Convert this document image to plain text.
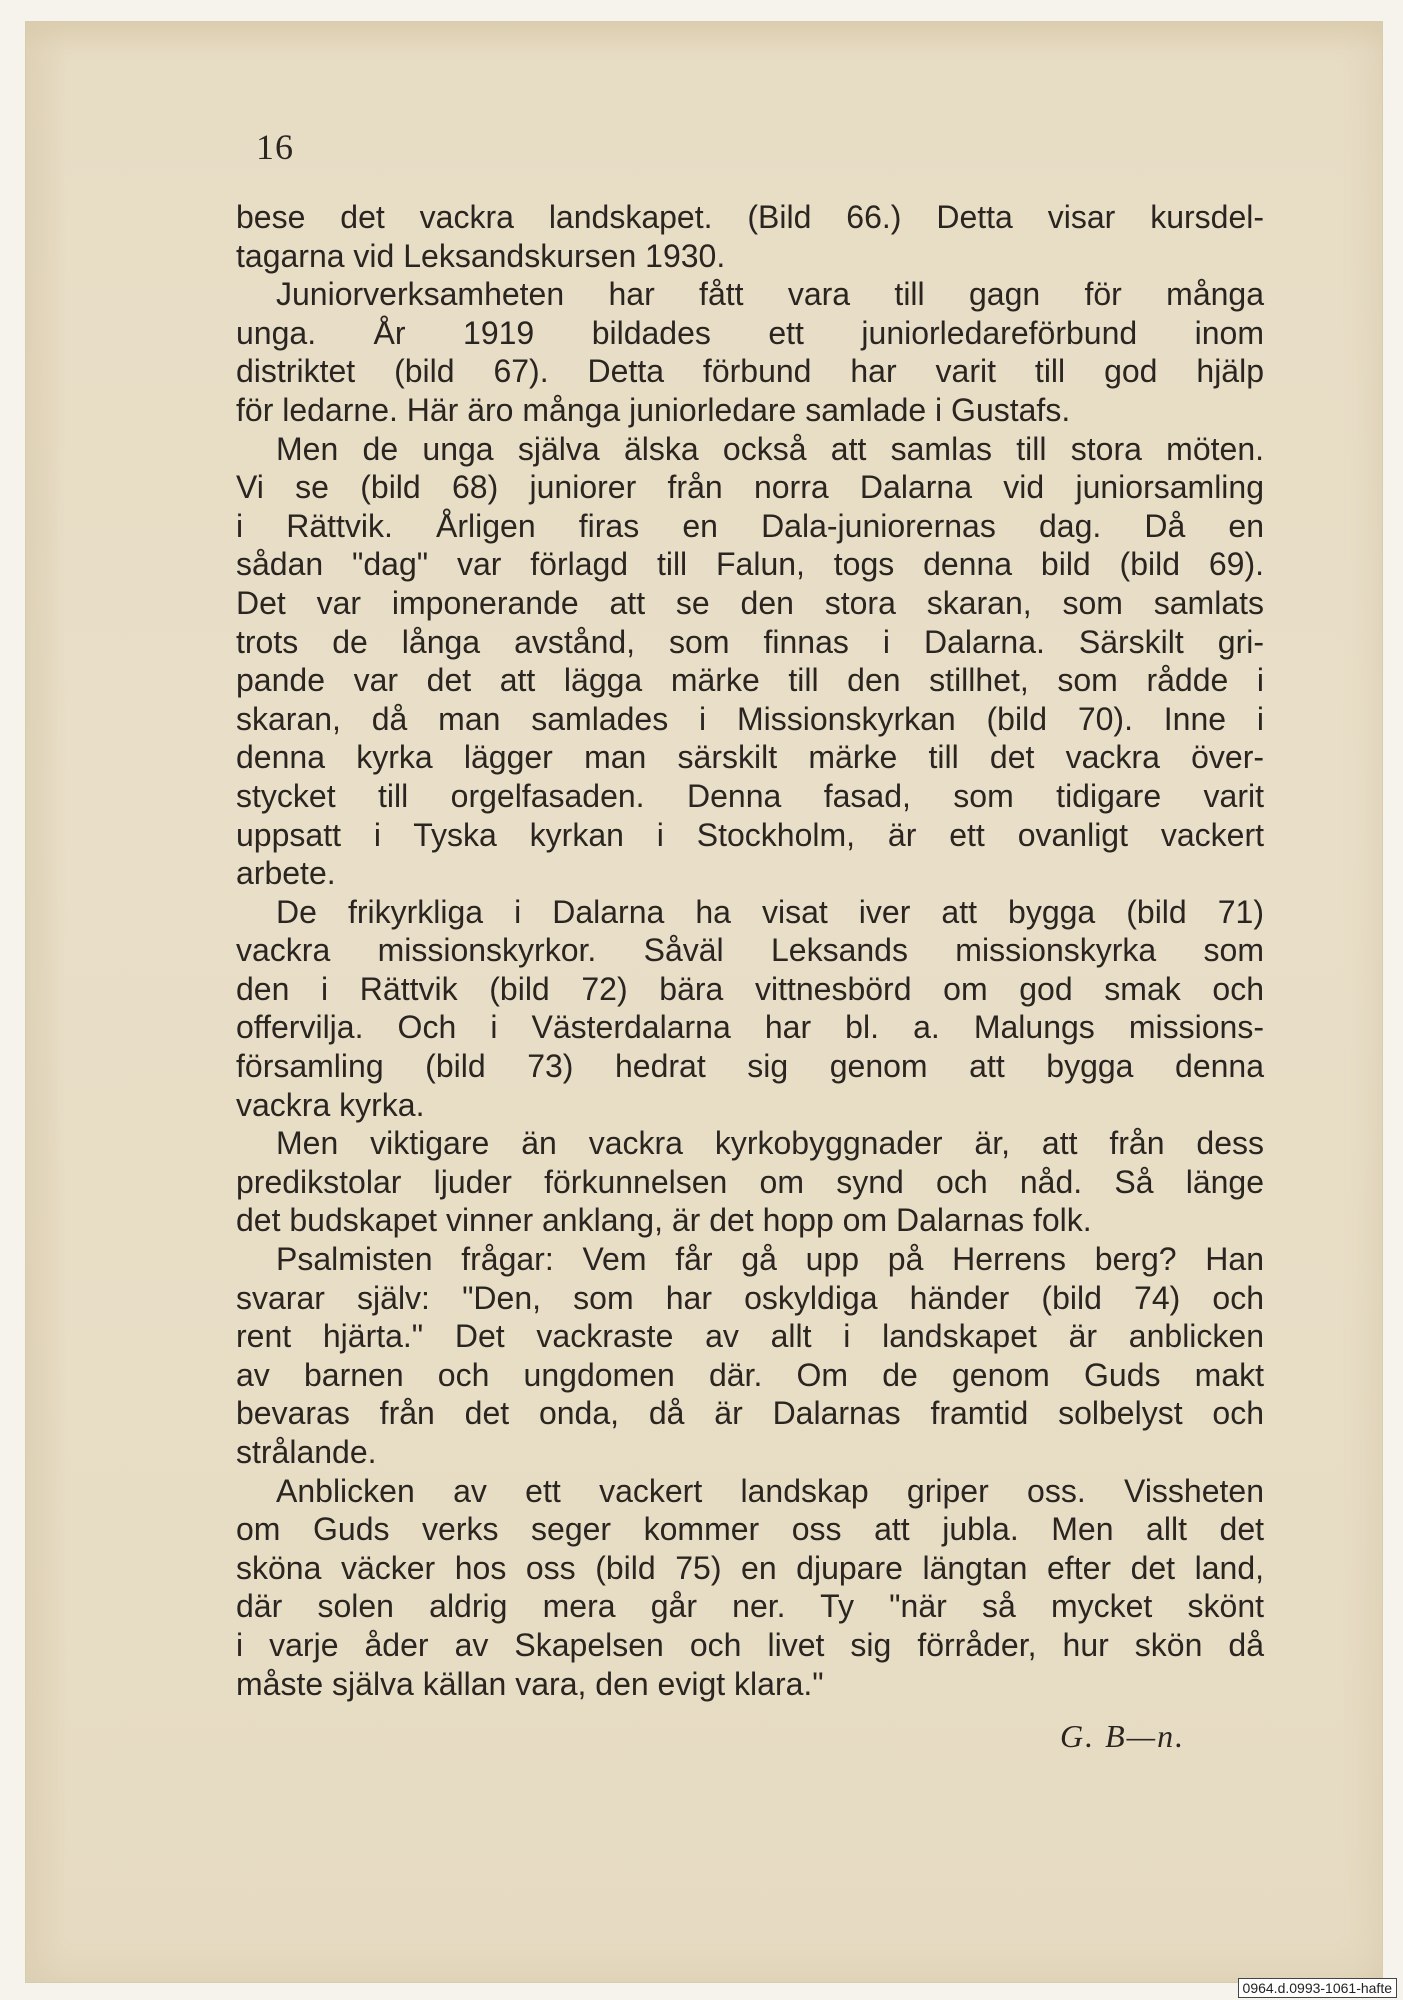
16
bese det vackra landskapet. (Bild 66.) Detta visar kursdel-
tagarna vid Leksandskursen 1930.
Juniorverksamheten har fått vara till gagn för många
unga. År 1919 bildades ett juniorledareförbund inom
distriktet (bild 67). Detta förbund har varit till god hjälp
för ledarne. Här äro många juniorledare samlade i Gustafs.
Men de unga själva älska också att samlas till stora möten.
Vi se (bild 68) juniorer från norra Dalarna vid juniorsamling
i Rättvik. Årligen firas en Dala-juniorernas dag. Då en
sådan "dag" var förlagd till Falun, togs denna bild (bild 69).
Det var imponerande att se den stora skaran, som samlats
trots de långa avstånd, som finnas i Dalarna. Särskilt gri-
pande var det att lägga märke till den stillhet, som rådde i
skaran, då man samlades i Missionskyrkan (bild 70). Inne i
denna kyrka lägger man särskilt märke till det vackra över-
stycket till orgelfasaden. Denna fasad, som tidigare varit
uppsatt i Tyska kyrkan i Stockholm, är ett ovanligt vackert
arbete.
De frikyrkliga i Dalarna ha visat iver att bygga (bild 71)
vackra missionskyrkor. Såväl Leksands missionskyrka som
den i Rättvik (bild 72) bära vittnesbörd om god smak och
offervilja. Och i Västerdalarna har bl. a. Malungs missions-
församling (bild 73) hedrat sig genom att bygga denna
vackra kyrka.
Men viktigare än vackra kyrkobyggnader är, att från dess
predikstolar ljuder förkunnelsen om synd och nåd. Så länge
det budskapet vinner anklang, är det hopp om Dalarnas folk.
Psalmisten frågar: Vem får gå upp på Herrens berg? Han
svarar själv: "Den, som har oskyldiga händer (bild 74) och
rent hjärta." Det vackraste av allt i landskapet är anblicken
av barnen och ungdomen där. Om de genom Guds makt
bevaras från det onda, då är Dalarnas framtid solbelyst och
strålande.
Anblicken av ett vackert landskap griper oss. Vissheten
om Guds verks seger kommer oss att jubla. Men allt det
sköna väcker hos oss (bild 75) en djupare längtan efter det land,
där solen aldrig mera går ner. Ty "när så mycket skönt
i varje åder av Skapelsen och livet sig förråder, hur skön då
måste själva källan vara, den evigt klara."
G. B—n.
0964.d.0993-1061-hafte
